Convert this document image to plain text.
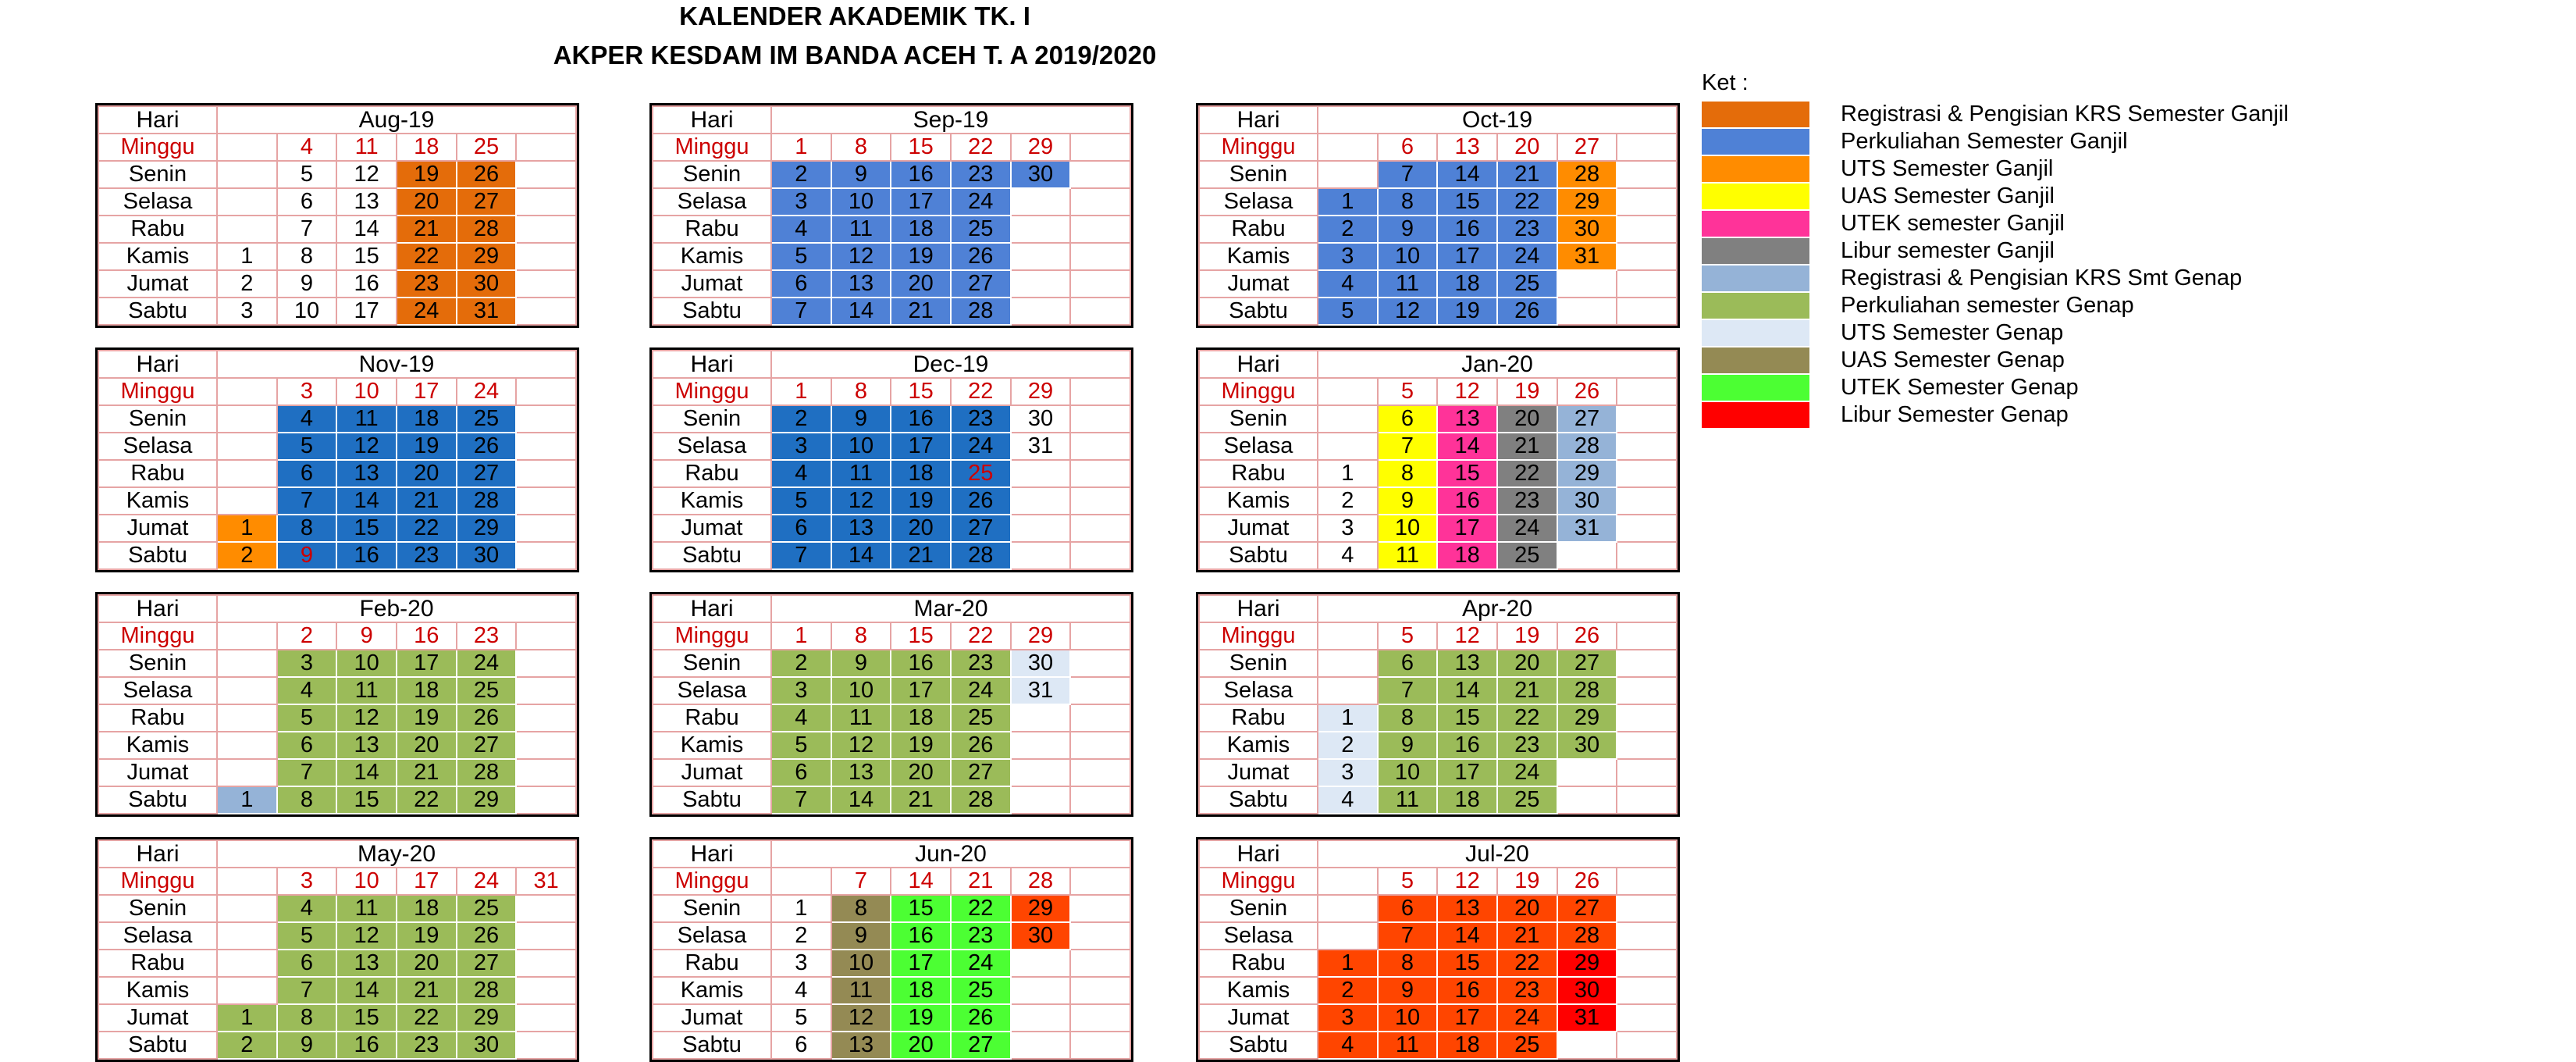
KALENDER AKADEMIK TK. I
AKPER KESDAM IM BANDA ACEH T. A 2019/2020
Hari	Aug-19					
Minggu		4	11	18	25	
Senin		5	12	19	26	
Selasa		6	13	20	27	
Rabu		7	14	21	28	
Kamis	1	8	15	22	29	
Jumat	2	9	16	23	30	
Sabtu	3	10	17	24	31	
Hari	Sep-19					
Minggu	1	8	15	22	29	
Senin	2	9	16	23	30	
Selasa	3	10	17	24		
Rabu	4	11	18	25		
Kamis	5	12	19	26		
Jumat	6	13	20	27		
Sabtu	7	14	21	28		
Hari	Oct-19					
Minggu		6	13	20	27	
Senin		7	14	21	28	
Selasa	1	8	15	22	29	
Rabu	2	9	16	23	30	
Kamis	3	10	17	24	31	
Jumat	4	11	18	25		
Sabtu	5	12	19	26		
Hari	Nov-19					
Minggu		3	10	17	24	
Senin		4	11	18	25	
Selasa		5	12	19	26	
Rabu		6	13	20	27	
Kamis		7	14	21	28	
Jumat	1	8	15	22	29	
Sabtu	2	9	16	23	30	
Hari	Dec-19					
Minggu	1	8	15	22	29	
Senin	2	9	16	23	30	
Selasa	3	10	17	24	31	
Rabu	4	11	18	25		
Kamis	5	12	19	26		
Jumat	6	13	20	27		
Sabtu	7	14	21	28		
Hari	Jan-20					
Minggu		5	12	19	26	
Senin		6	13	20	27	
Selasa		7	14	21	28	
Rabu	1	8	15	22	29	
Kamis	2	9	16	23	30	
Jumat	3	10	17	24	31	
Sabtu	4	11	18	25		
Hari	Feb-20					
Minggu		2	9	16	23	
Senin		3	10	17	24	
Selasa		4	11	18	25	
Rabu		5	12	19	26	
Kamis		6	13	20	27	
Jumat		7	14	21	28	
Sabtu	1	8	15	22	29	
Hari	Mar-20					
Minggu	1	8	15	22	29	
Senin	2	9	16	23	30	
Selasa	3	10	17	24	31	
Rabu	4	11	18	25		
Kamis	5	12	19	26		
Jumat	6	13	20	27		
Sabtu	7	14	21	28		
Hari	Apr-20					
Minggu		5	12	19	26	
Senin		6	13	20	27	
Selasa		7	14	21	28	
Rabu	1	8	15	22	29	
Kamis	2	9	16	23	30	
Jumat	3	10	17	24		
Sabtu	4	11	18	25		
Hari	May-20					
Minggu		3	10	17	24	31
Senin		4	11	18	25	
Selasa		5	12	19	26	
Rabu		6	13	20	27	
Kamis		7	14	21	28	
Jumat	1	8	15	22	29	
Sabtu	2	9	16	23	30	
Hari	Jun-20					
Minggu		7	14	21	28	
Senin	1	8	15	22	29	
Selasa	2	9	16	23	30	
Rabu	3	10	17	24		
Kamis	4	11	18	25		
Jumat	5	12	19	26		
Sabtu	6	13	20	27		
Hari	Jul-20					
Minggu		5	12	19	26	
Senin		6	13	20	27	
Selasa		7	14	21	28	
Rabu	1	8	15	22	29	
Kamis	2	9	16	23	30	
Jumat	3	10	17	24	31	
Sabtu	4	11	18	25		
Ket :
Registrasi & Pengisian KRS Semester Ganjil
Perkuliahan Semester Ganjil
UTS Semester Ganjil
UAS Semester Ganjil
UTEK semester Ganjil
Libur semester Ganjil
Registrasi & Pengisian KRS Smt Genap
Perkuliahan semester Genap
UTS Semester Genap
UAS Semester Genap
UTEK Semester Genap
Libur Semester Genap
